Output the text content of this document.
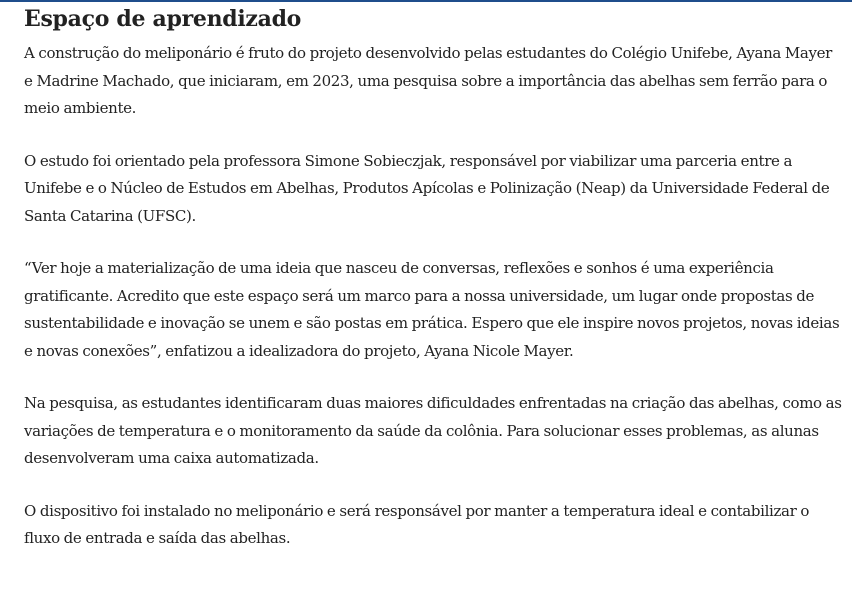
Espaço de aprendizado

A construção do meliponário é fruto do projeto desenvolvido pelas estudantes do Colégio Unifebe, Ayana Mayer e Madrine Machado, que iniciaram, em 2023, uma pesquisa sobre a importância das abelhas sem ferrão para o meio ambiente.

O estudo foi orientado pela professora Simone Sobieczjak, responsável por viabilizar uma parceria entre a Unifebe e o Núcleo de Estudos em Abelhas, Produtos Apícolas e Polinização (Neap) da Universidade Federal de Santa Catarina (UFSC).

“Ver hoje a materialização de uma ideia que nasceu de conversas, reflexões e sonhos é uma experiência gratificante. Acredito que este espaço será um marco para a nossa universidade, um lugar onde propostas de sustentabilidade e inovação se unem e são postas em prática. Espero que ele inspire novos projetos, novas ideias e novas conexões”, enfatizou a idealizadora do projeto, Ayana Nicole Mayer.

Na pesquisa, as estudantes identificaram duas maiores dificuldades enfrentadas na criação das abelhas, como as variações de temperatura e o monitoramento da saúde da colônia. Para solucionar esses problemas, as alunas desenvolveram uma caixa automatizada.

O dispositivo foi instalado no meliponário e será responsável por manter a temperatura ideal e contabilizar o fluxo de entrada e saída das abelhas.
